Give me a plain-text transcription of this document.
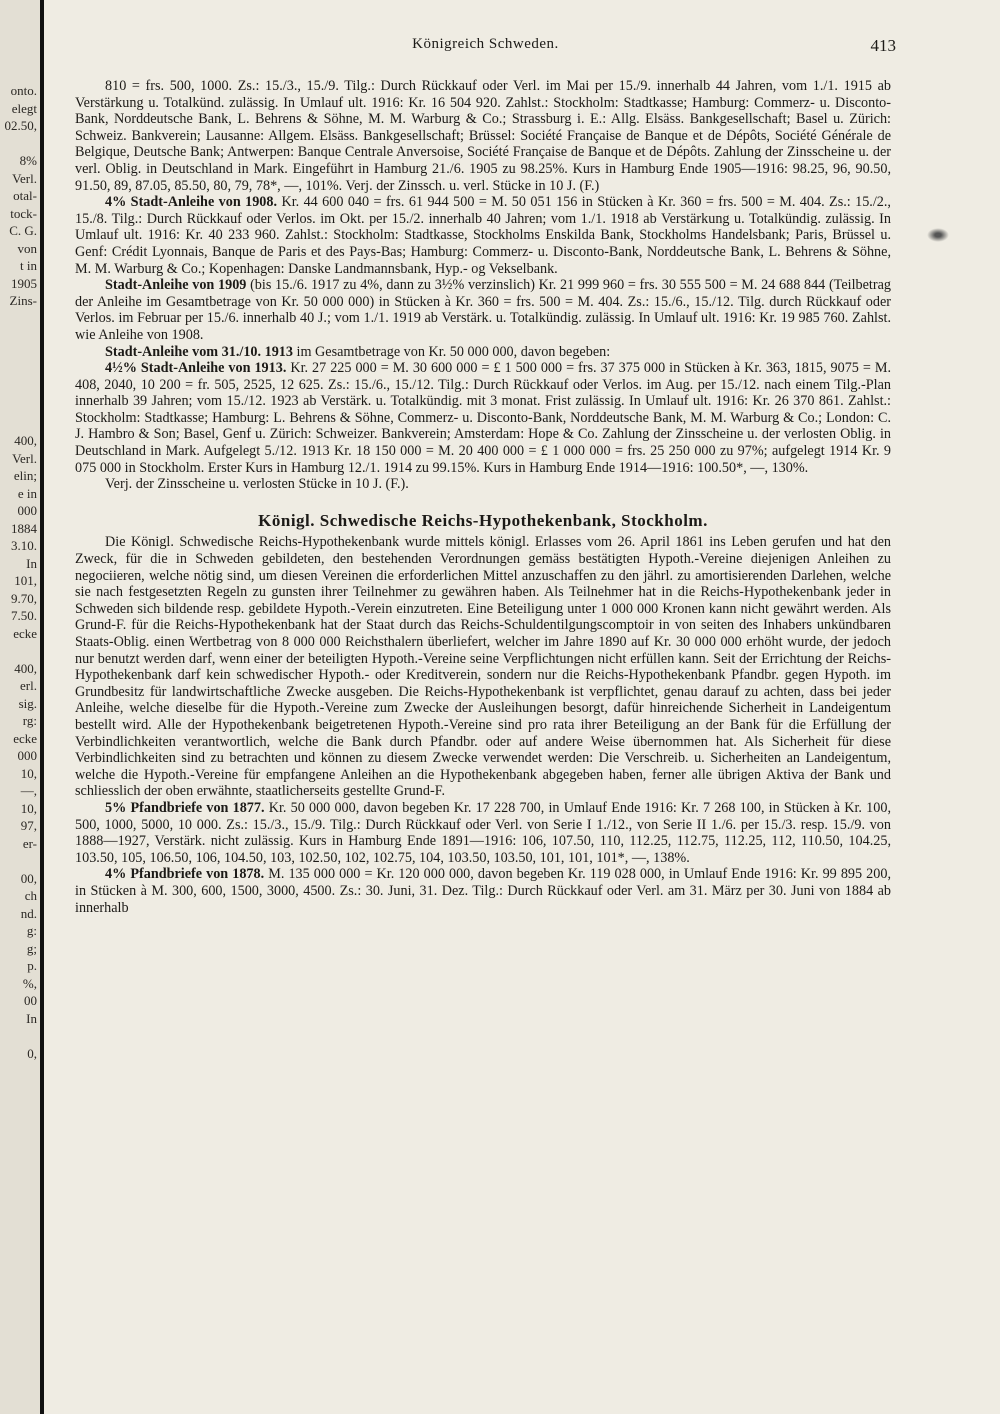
onto.
elegt
02.50,

8%
Verl.
otal-
tock-
C. G.
von
t in
1905
Zins-

400,
Verl.
elin;
e in
000
1884
3.10.
In
101,
9.70,
7.50.
ecke

400,
erl.
sig.
rg:
ecke
000
10,
—,
10,
97,
er-

00,
ch
nd.
g:
g;
p.
%,
00
In

0,
Königreich Schweden.	413

810 = frs. 500, 1000. Zs.: 15./3., 15./9. Tilg.: Durch Rückkauf oder Verl. im Mai per 15./9. innerhalb 44 Jahren, vom 1./1. 1915 ab Verstärkung u. Totalkünd. zulässig. In Umlauf ult. 1916: Kr. 16 504 920. Zahlst.: Stockholm: Stadtkasse; Hamburg: Commerz- u. Disconto-Bank, Norddeutsche Bank, L. Behrens & Söhne, M. M. Warburg & Co.; Strassburg i. E.: Allg. Elsäss. Bankgesellschaft; Basel u. Zürich: Schweiz. Bankverein; Lausanne: Allgem. Elsäss. Bankgesellschaft; Brüssel: Société Française de Banque et de Dépôts, Société Générale de Belgique, Deutsche Bank; Antwerpen: Banque Centrale Anversoise, Société Française de Banque et de Dépôts. Zahlung der Zinsscheine u. der verl. Oblig. in Deutschland in Mark. Eingeführt in Hamburg 21./6. 1905 zu 98.25%. Kurs in Hamburg Ende 1905—1916: 98.25, 96, 90.50, 91.50, 89, 87.05, 85.50, 80, 79, 78*, —, 101%. Verj. der Zinssch. u. verl. Stücke in 10 J. (F.)

4% Stadt-Anleihe von 1908. Kr. 44 600 040 = frs. 61 944 500 = M. 50 051 156 in Stücken à Kr. 360 = frs. 500 = M. 404. Zs.: 15./2., 15./8. Tilg.: Durch Rückkauf oder Verlos. im Okt. per 15./2. innerhalb 40 Jahren; vom 1./1. 1918 ab Verstärkung u. Totalkündig. zulässig. In Umlauf ult. 1916: Kr. 40 233 960. Zahlst.: Stockholm: Stadtkasse, Stockholms Enskilda Bank, Stockholms Handelsbank; Paris, Brüssel u. Genf: Crédit Lyonnais, Banque de Paris et des Pays-Bas; Hamburg: Commerz- u. Disconto-Bank, Norddeutsche Bank, L. Behrens & Söhne, M. M. Warburg & Co.; Kopenhagen: Danske Landmannsbank, Hyp.- og Vekselbank.

Stadt-Anleihe von 1909 (bis 15./6. 1917 zu 4%, dann zu 3½% verzinslich) Kr. 21 999 960 = frs. 30 555 500 = M. 24 688 844 (Teilbetrag der Anleihe im Gesamtbetrage von Kr. 50 000 000) in Stücken à Kr. 360 = frs. 500 = M. 404. Zs.: 15./6., 15./12. Tilg. durch Rückkauf oder Verlos. im Februar per 15./6. innerhalb 40 J.; vom 1./1. 1919 ab Verstärk. u. Totalkündig. zulässig. In Umlauf ult. 1916: Kr. 19 985 760. Zahlst. wie Anleihe von 1908.

Stadt-Anleihe vom 31./10. 1913 im Gesamtbetrage von Kr. 50 000 000, davon begeben:

4½% Stadt-Anleihe von 1913. Kr. 27 225 000 = M. 30 600 000 = £ 1 500 000 = frs. 37 375 000 in Stücken à Kr. 363, 1815, 9075 = M. 408, 2040, 10 200 = fr. 505, 2525, 12 625. Zs.: 15./6., 15./12. Tilg.: Durch Rückkauf oder Verlos. im Aug. per 15./12. nach einem Tilg.-Plan innerhalb 39 Jahren; vom 15./12. 1923 ab Verstärk. u. Totalkündig. mit 3 monat. Frist zulässig. In Umlauf ult. 1916: Kr. 26 370 861. Zahlst.: Stockholm: Stadtkasse; Hamburg: L. Behrens & Söhne, Commerz- u. Disconto-Bank, Norddeutsche Bank, M. M. Warburg & Co.; London: C. J. Hambro & Son; Basel, Genf u. Zürich: Schweizer. Bankverein; Amsterdam: Hope & Co. Zahlung der Zinsscheine u. der verlosten Oblig. in Deutschland in Mark. Aufgelegt 5./12. 1913 Kr. 18 150 000 = M. 20 400 000 = £ 1 000 000 = frs. 25 250 000 zu 97%; aufgelegt 1914 Kr. 9 075 000 in Stockholm. Erster Kurs in Hamburg 12./1. 1914 zu 99.15%. Kurs in Hamburg Ende 1914—1916: 100.50*, —, 130%.

Verj. der Zinsscheine u. verlosten Stücke in 10 J. (F.).

Königl. Schwedische Reichs-Hypothekenbank, Stockholm.

Die Königl. Schwedische Reichs-Hypothekenbank wurde mittels königl. Erlasses vom 26. April 1861 ins Leben gerufen und hat den Zweck, für die in Schweden gebildeten, den bestehenden Verordnungen gemäss bestätigten Hypoth.-Vereine diejenigen Anleihen zu negociieren, welche nötig sind, um diesen Vereinen die erforderlichen Mittel anzuschaffen zu den jährl. zu amortisierenden Darlehen, welche sie nach festgesetzten Regeln zu gunsten ihrer Teilnehmer zu gewähren haben. Als Teilnehmer hat in die Reichs-Hypothekenbank jeder in Schweden sich bildende resp. gebildete Hypoth.-Verein einzutreten. Eine Beteiligung unter 1 000 000 Kronen kann nicht gewährt werden. Als Grund-F. für die Reichs-Hypothekenbank hat der Staat durch das Reichs-Schuldentilgungscomptoir in von seiten des Inhabers unkündbaren Staats-Oblig. einen Wertbetrag von 8 000 000 Reichsthalern überliefert, welcher im Jahre 1890 auf Kr. 30 000 000 erhöht wurde, der jedoch nur benutzt werden darf, wenn einer der beteiligten Hypoth.-Vereine seine Verpflichtungen nicht erfüllen kann. Seit der Errichtung der Reichs-Hypothekenbank darf kein schwedischer Hypoth.- oder Kreditverein, sondern nur die Reichs-Hypothekenbank Pfandbr. gegen Hypoth. im Grundbesitz für landwirtschaftliche Zwecke ausgeben. Die Reichs-Hypothekenbank ist verpflichtet, genau darauf zu achten, dass bei jeder Anleihe, welche dieselbe für die Hypoth.-Vereine zum Zwecke der Ausleihungen besorgt, dafür hinreichende Sicherheit in Landeigentum bestellt wird. Alle der Hypothekenbank beigetretenen Hypoth.-Vereine sind pro rata ihrer Beteiligung an der Bank für die Erfüllung der Verbindlichkeiten verantwortlich, welche die Bank durch Pfandbr. oder auf andere Weise übernommen hat. Als Sicherheit für diese Verbindlichkeiten sind zu betrachten und können zu diesem Zwecke verwendet werden: Die Verschreib. u. Sicherheiten an Landeigentum, welche die Hypoth.-Vereine für empfangene Anleihen an die Hypothekenbank abgegeben haben, ferner alle übrigen Aktiva der Bank und schliesslich der oben erwähnte, staatlicherseits gestellte Grund-F.

5% Pfandbriefe von 1877. Kr. 50 000 000, davon begeben Kr. 17 228 700, in Umlauf Ende 1916: Kr. 7 268 100, in Stücken à Kr. 100, 500, 1000, 5000, 10 000. Zs.: 15./3., 15./9. Tilg.: Durch Rückkauf oder Verl. von Serie I 1./12., von Serie II 1./6. per 15./3. resp. 15./9. von 1888—1927, Verstärk. nicht zulässig. Kurs in Hamburg Ende 1891—1916: 106, 107.50, 110, 112.25, 112.75, 112.25, 112, 110.50, 104.25, 103.50, 105, 106.50, 106, 104.50, 103, 102.50, 102, 102.75, 104, 103.50, 103.50, 101, 101, 101*, —, 138%.

4% Pfandbriefe von 1878. M. 135 000 000 = Kr. 120 000 000, davon begeben Kr. 119 028 000, in Umlauf Ende 1916: Kr. 99 895 200, in Stücken à M. 300, 600, 1500, 3000, 4500. Zs.: 30. Juni, 31. Dez. Tilg.: Durch Rückkauf oder Verl. am 31. März per 30. Juni von 1884 ab innerhalb
